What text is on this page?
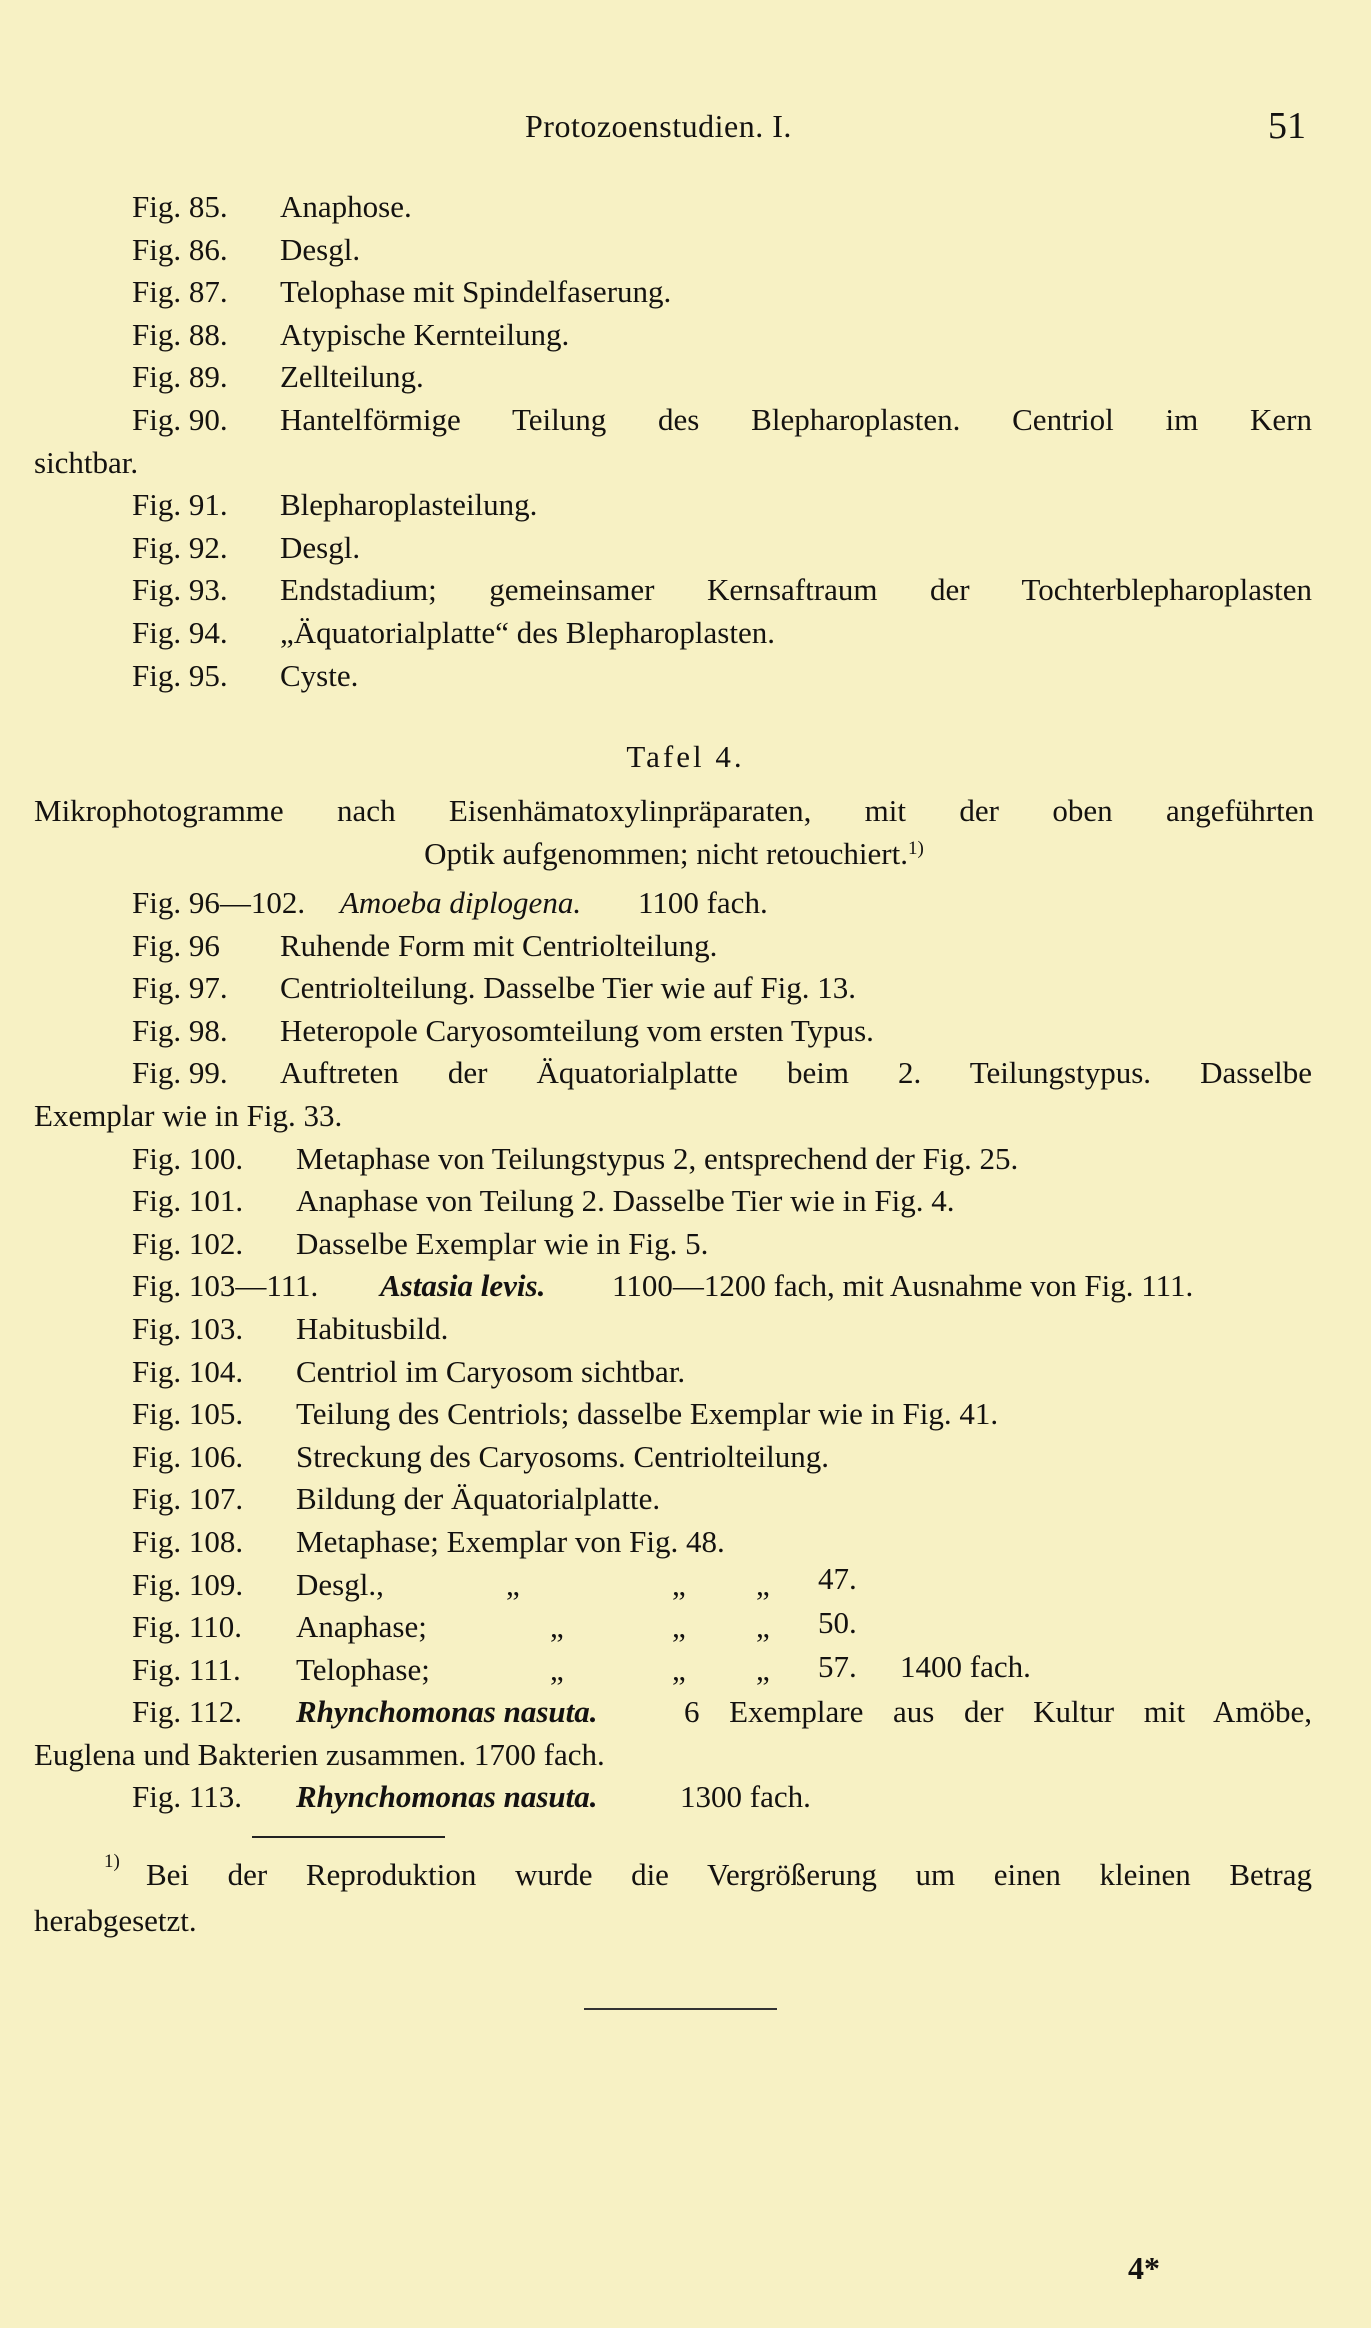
Protozoenstudien. I.	51
Fig. 85. Anaphose.
Fig. 86. Desgl.
Fig. 87. Telophase mit Spindelfaserung.
Fig. 88. Atypische Kernteilung.
Fig. 89. Zellteilung.
Fig. 90. Hantelförmige Teilung des Blepharoplasten. Centriol im Kern
sichtbar.
Fig. 91. Blepharoplasteilung.
Fig. 92. Desgl.
Fig. 93. Endstadium; gemeinsamer Kernsaftraum der Tochterblepharoplasten
Fig. 94. „Äquatorialplatte“ des Blepharoplasten.
Fig. 95. Cyste.
Tafel 4.
Mikrophotogramme nach Eisenhämatoxylinpräparaten, mit der oben angeführten
Optik aufgenommen; nicht retouchiert.$^{1)}$
Fig. 96—102. Amoeba diplogena. 1100 fach.
Fig. 96 Ruhende Form mit Centriolteilung.
Fig. 97. Centriolteilung. Dasselbe Tier wie auf Fig. 13.
Fig. 98. Heteropole Caryosomteilung vom ersten Typus.
Fig. 99. Auftreten der Äquatorialplatte beim 2. Teilungstypus. Dasselbe
Exemplar wie in Fig. 33.
Fig. 100. Metaphase von Teilungstypus 2, entsprechend der Fig. 25.
Fig. 101. Anaphase von Teilung 2. Dasselbe Tier wie in Fig. 4.
Fig. 102. Dasselbe Exemplar wie in Fig. 5.
Fig. 103—111. Astasia levis. 1100—1200 fach, mit Ausnahme von Fig. 111.
Fig. 103. Habitusbild.
Fig. 104. Centriol im Caryosom sichtbar.
Fig. 105. Teilung des Centriols; dasselbe Exemplar wie in Fig. 41.
Fig. 106. Streckung des Caryosoms. Centriolteilung.
Fig. 107. Bildung der Äquatorialplatte.
Fig. 108. Metaphase; Exemplar von Fig. 48.
Fig. 109. Desgl.,	„	„ „ 47.
Fig. 110. Anaphase;	„	„ „ 50.
Fig. 111. Telophase;	„	„ „ 57. 1400 fach.
Fig. 112. Rhynchomonas nasuta.	6 Exemplare aus der Kultur mit Amöbe,
Euglena und Bakterien zusammen. 1700 fach.
Fig. 113. Rhynchomonas nasuta.	1300 fach.
1) Bei der Reproduktion wurde die Vergrößerung um einen kleinen Betrag
herabgesetzt.
4*
